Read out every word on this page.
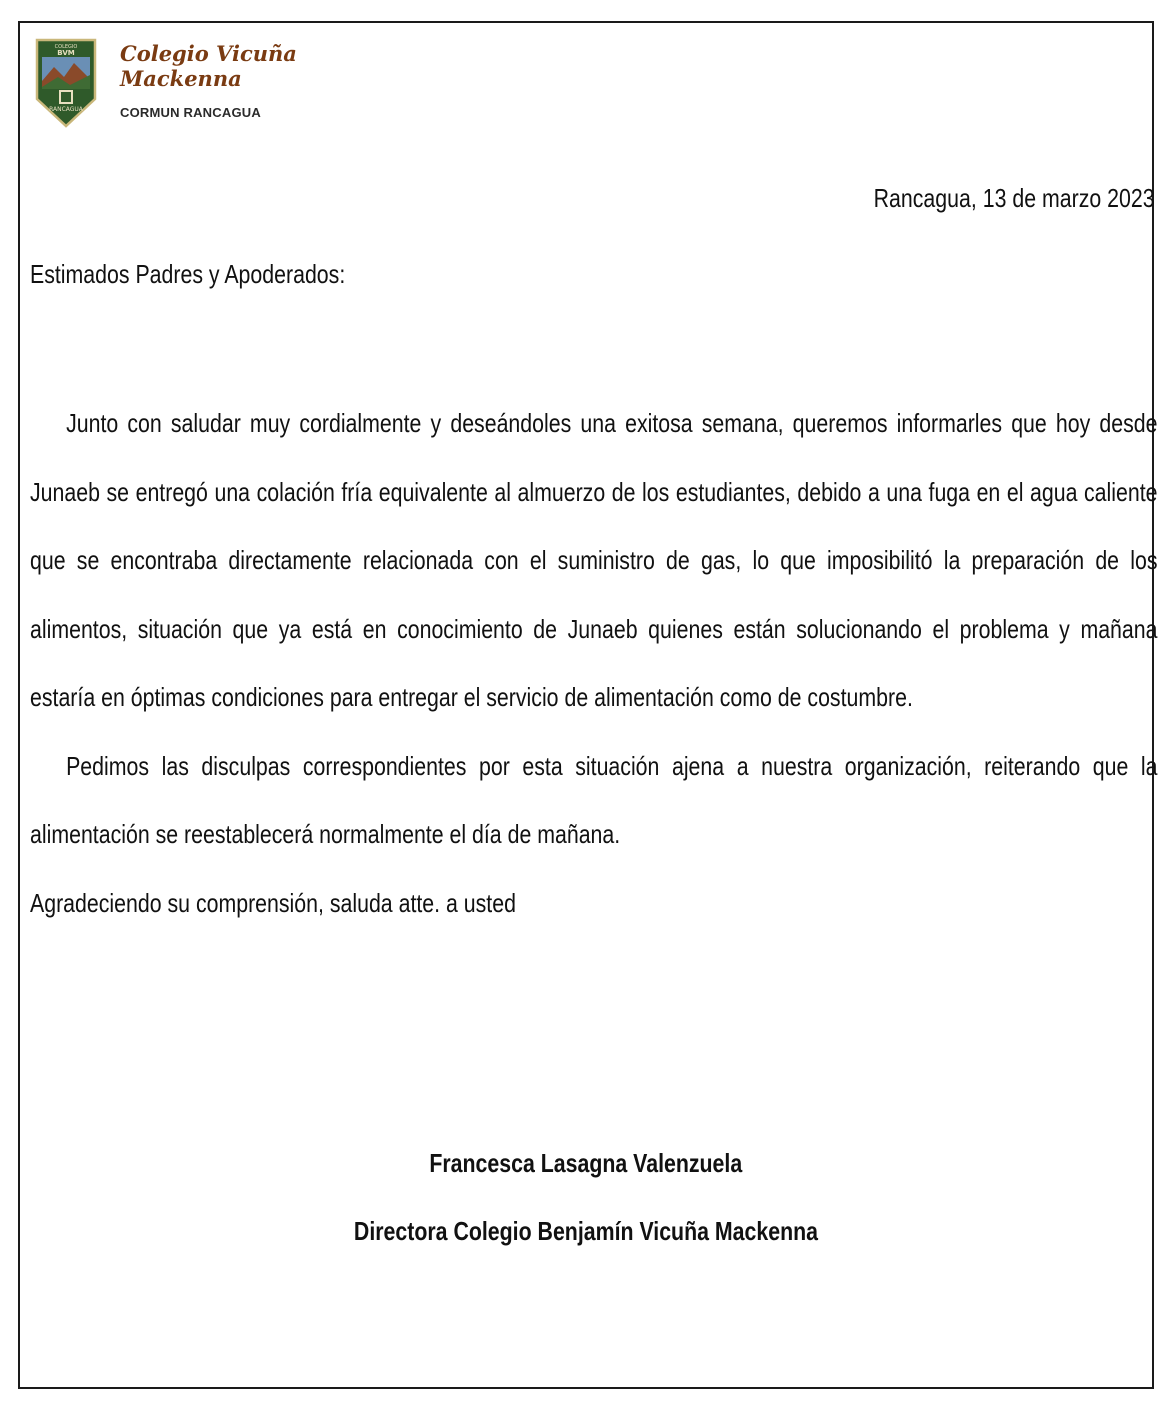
COLEGIO
BVM
RANCAGUA
Colegio Vicuña Mackenna
CORMUN RANCAGUA
Rancagua, 13 de marzo 2023
Estimados Padres y Apoderados:

Junto con saludar muy cordialmente y deseándoles una exitosa semana, queremos informarles que hoy desde Junaeb se entregó una colación fría equivalente al almuerzo de los estudiantes, debido a una fuga en el agua caliente que se encontraba directamente relacionada con el suministro de gas, lo que imposibilitó la preparación de los alimentos, situación que ya está en conocimiento de Junaeb quienes están solucionando el problema y mañana estaría en óptimas condiciones para entregar el servicio de alimentación como de costumbre.

Pedimos las disculpas correspondientes por esta situación ajena a nuestra organización, reiterando que la alimentación se reestablecerá normalmente el día de mañana.

Agradeciendo su comprensión, saluda atte. a usted

Francesca Lasagna Valenzuela
Directora Colegio Benjamín Vicuña Mackenna
